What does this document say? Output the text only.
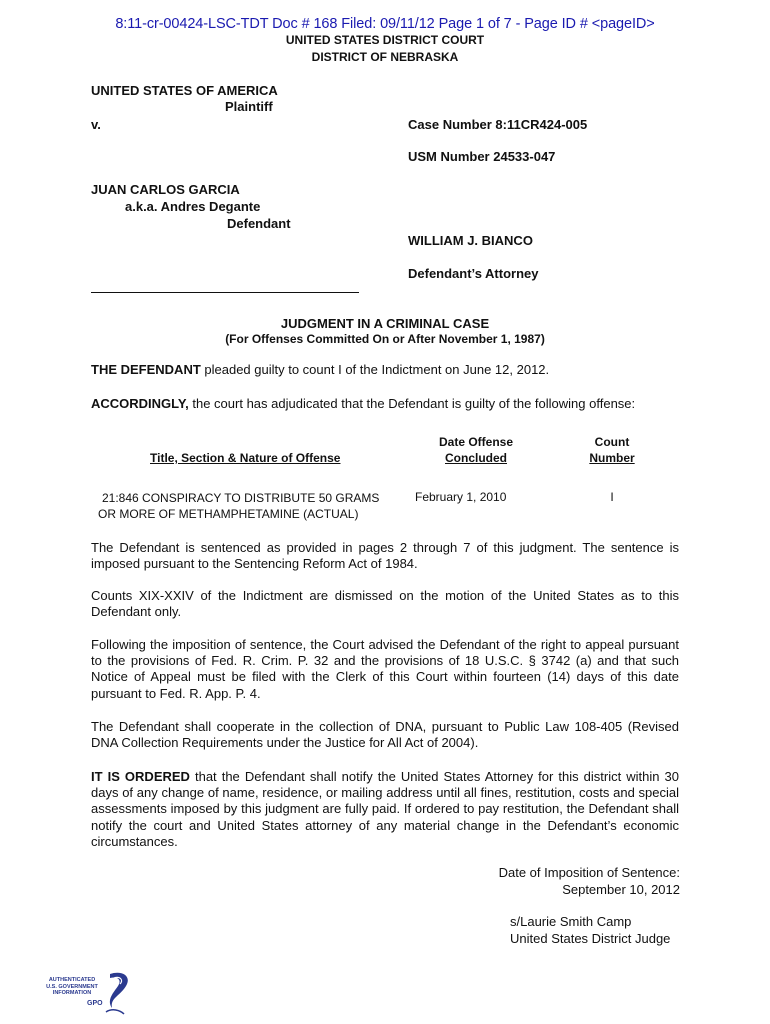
8:11-cr-00424-LSC-TDT Doc # 168 Filed: 09/11/12 Page 1 of 7 - Page ID # <pageID>
UNITED STATES DISTRICT COURT
DISTRICT OF NEBRASKA
UNITED STATES OF AMERICA
Plaintiff
v.	Case Number 8:11CR424-005
USM Number 24533-047
JUAN CARLOS GARCIA
a.k.a. Andres Degante
Defendant
WILLIAM J. BIANCO
Defendant’s Attorney
JUDGMENT IN A CRIMINAL CASE
(For Offenses Committed On or After November 1, 1987)
THE DEFENDANT pleaded guilty to count I of the Indictment on June 12, 2012.
ACCORDINGLY, the court has adjudicated that the Defendant is guilty of the following offense:
Title, Section & Nature of Offense
Date Offense
Concluded
Count
Number
21:846 CONSPIRACY TO DISTRIBUTE 50 GRAMS
OR MORE OF METHAMPHETAMINE (ACTUAL)
February 1, 2010	I
The Defendant is sentenced as provided in pages 2 through 7 of this judgment. The sentence is imposed pursuant to the Sentencing Reform Act of 1984.
Counts XIX-XXIV of the Indictment are dismissed on the motion of the United States as to this Defendant only.
Following the imposition of sentence, the Court advised the Defendant of the right to appeal pursuant to the provisions of Fed. R. Crim. P. 32 and the provisions of 18 U.S.C. § 3742 (a) and that such Notice of Appeal must be filed with the Clerk of this Court within fourteen (14) days of this date pursuant to Fed. R. App. P. 4.
The Defendant shall cooperate in the collection of DNA, pursuant to Public Law 108-405 (Revised DNA Collection Requirements under the Justice for All Act of 2004).
IT IS ORDERED that the Defendant shall notify the United States Attorney for this district within 30 days of any change of name, residence, or mailing address until all fines, restitution, costs and special assessments imposed by this judgment are fully paid. If ordered to pay restitution, the Defendant shall notify the court and United States attorney of any material change in the Defendant’s economic circumstances.
Date of Imposition of Sentence:
September 10, 2012
s/Laurie Smith Camp
United States District Judge
AUTHENTICATED
U.S. GOVERNMENT
INFORMATION
GPO
